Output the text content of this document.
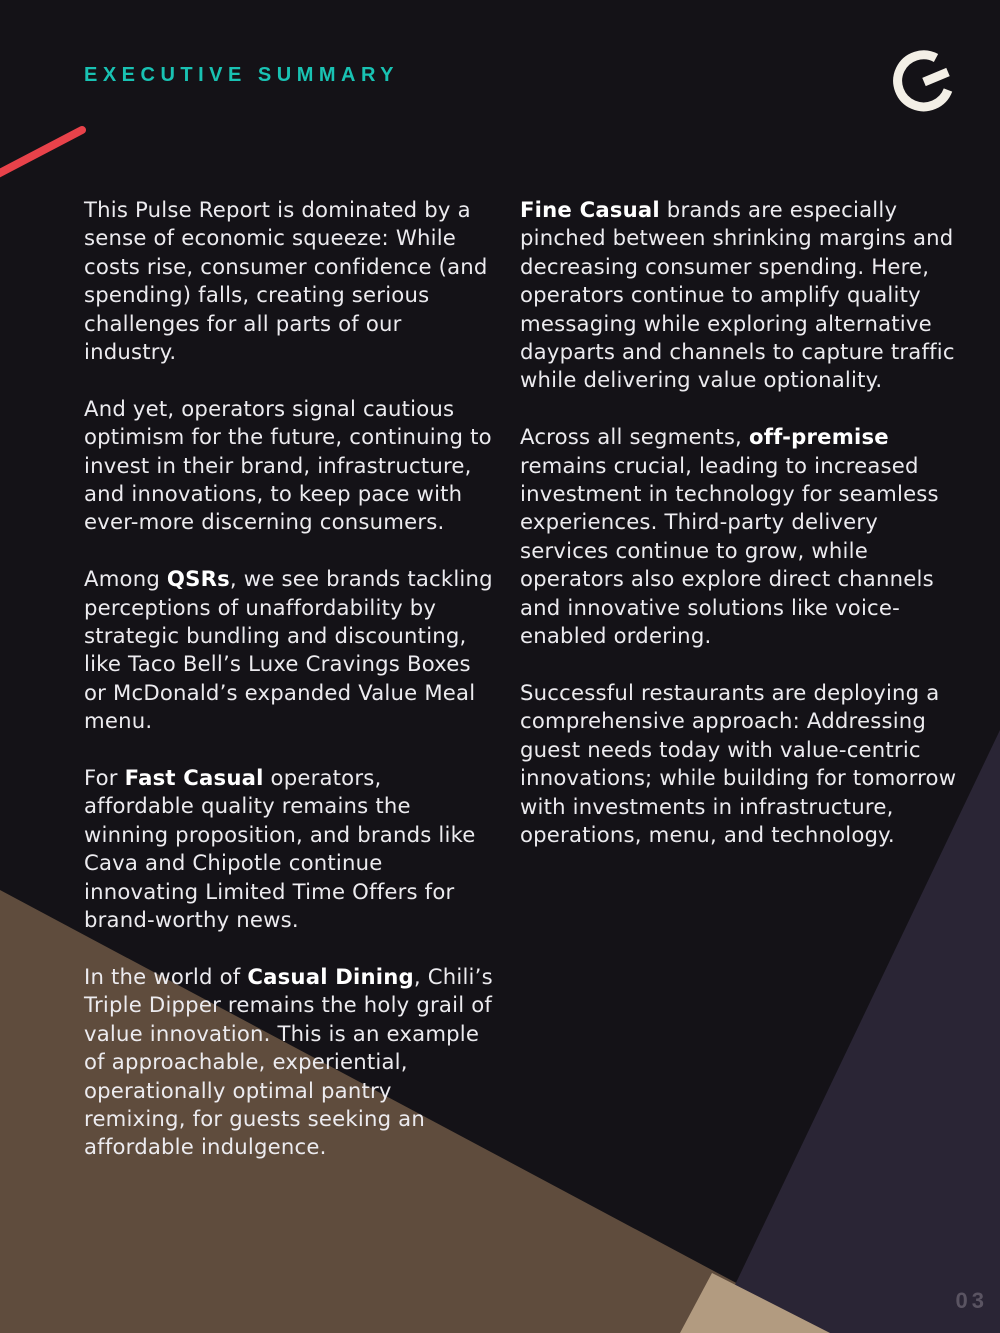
EXECUTIVE SUMMARY

This Pulse Report is dominated by a sense of economic squeeze: While costs rise, consumer confidence (and spending) falls, creating serious challenges for all parts of our industry.

And yet, operators signal cautious optimism for the future, continuing to invest in their brand, infrastructure, and innovations, to keep pace with ever-more discerning consumers.

Among QSRs, we see brands tackling perceptions of unaffordability by strategic bundling and discounting, like Taco Bell’s Luxe Cravings Boxes or McDonald’s expanded Value Meal menu.

For Fast Casual operators, affordable quality remains the winning proposition, and brands like Cava and Chipotle continue innovating Limited Time Offers for brand-worthy news.

In the world of Casual Dining, Chili’s Triple Dipper remains the holy grail of value innovation. This is an example of approachable, experiential, operationally optimal pantry remixing, for guests seeking an affordable indulgence.

Fine Casual brands are especially pinched between shrinking margins and decreasing consumer spending. Here, operators continue to amplify quality messaging while exploring alternative dayparts and channels to capture traffic while delivering value optionality.

Across all segments, off-premise remains crucial, leading to increased investment in technology for seamless experiences. Third-party delivery services continue to grow, while operators also explore direct channels and innovative solutions like voice-enabled ordering.

Successful restaurants are deploying a comprehensive approach: Addressing guest needs today with value-centric innovations; while building for tomorrow with investments in infrastructure, operations, menu, and technology.

03
